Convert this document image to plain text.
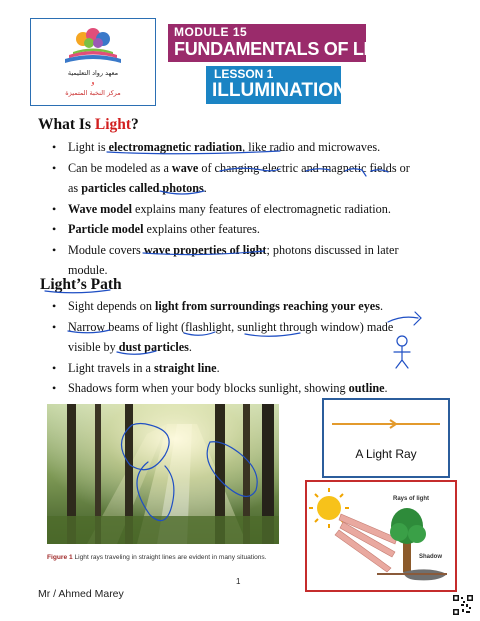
معهد رواد التعليمية
و
مركز النخبة المتميزة
MODULE 15
FUNDAMENTALS OF LIGHT
LESSON 1
ILLUMINATION
What Is Light?
• Light is electromagnetic radiation, like radio and microwaves.
• Can be modeled as a wave of changing electric and magnetic fields or
as particles called photons.
• Wave model explains many features of electromagnetic radiation.
• Particle model explains other features.
• Module covers wave properties of light; photons discussed in later
module.
Light’s Path
• Sight depends on light from surroundings reaching your eyes.
• Narrow beams of light (flashlight, sunlight through window) made
visible by dust particles.
• Light travels in a straight line.
• Shadows form when your body blocks sunlight, showing outline.
Figure 1 Light rays traveling in straight lines are evident in many situations.
A Light Ray
Rays of light
Shadow
1
Mr / Ahmed Marey
